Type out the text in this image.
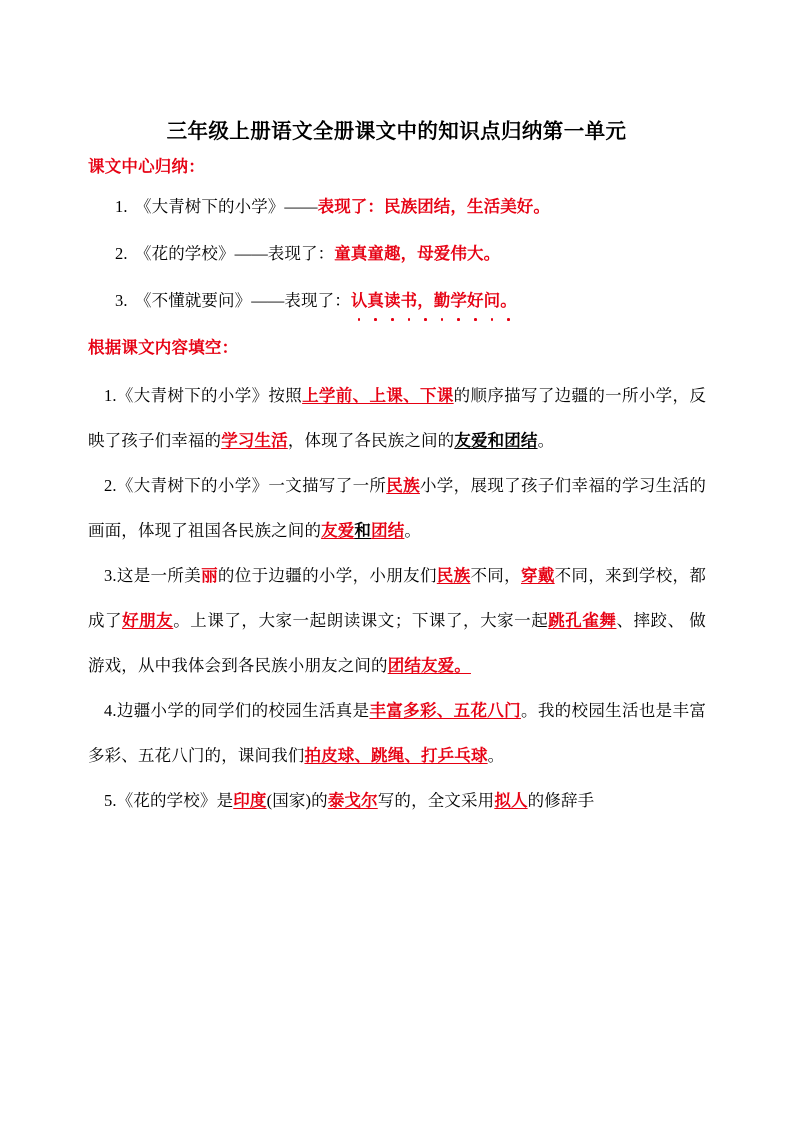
三年级上册语文全册课文中的知识点归纳第一单元

课文中心归纳：

1. 《大青树下的小学》——表现了：民族团结，生活美好。

2. 《花的学校》——表现了：童真童趣，母爱伟大。

3. 《不懂就要问》——表现了：认真读书，勤学好问。

根据课文内容填空：

1.《大青树下的小学》按照上学前、上课、下课的顺序描写了边疆的一所小学，反映了孩子们幸福的学习生活，体现了各民族之间的友爱和团结。

2.《大青树下的小学》一文描写了一所民族小学，展现了孩子们幸福的学习生活的画面，体现了祖国各民族之间的友爱和团结。

3.这是一所美丽的位于边疆的小学，小朋友们民族不同，穿戴不同，来到学校，都成了好朋友。上课了，大家一起朗读课文；下课了，大家一起跳孔雀舞、摔跤、 做游戏，从中我体会到各民族小朋友之间的团结友爱。

4.边疆小学的同学们的校园生活真是丰富多彩、五花八门。我的校园生活也是丰富多彩、五花八门的，课间我们拍皮球、跳绳、打乒乓球。

5.《花的学校》是印度(国家)的泰戈尔写的，全文采用拟人的修辞手
